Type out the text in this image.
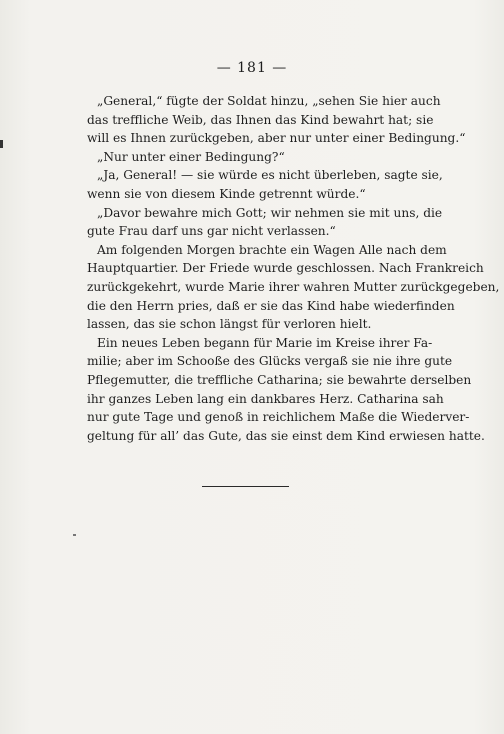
— 181 —
„General,“ fügte der Soldat hinzu, „sehen Sie hier auch
das treffliche Weib, das Ihnen das Kind bewahrt hat; sie
will es Ihnen zurückgeben, aber nur unter einer Bedingung.“
„Nur unter einer Bedingung?“
„Ja, General! — sie würde es nicht überleben, sagte sie,
wenn sie von diesem Kinde getrennt würde.“
„Davor bewahre mich Gott; wir nehmen sie mit uns, die
gute Frau darf uns gar nicht verlassen.“
Am folgenden Morgen brachte ein Wagen Alle nach dem
Hauptquartier. Der Friede wurde geschlossen. Nach Frankreich
zurückgekehrt, wurde Marie ihrer wahren Mutter zurückgegeben,
die den Herrn pries, daß er sie das Kind habe wiederfinden
lassen, das sie schon längst für verloren hielt.
Ein neues Leben begann für Marie im Kreise ihrer Fa-
milie; aber im Schooße des Glücks vergaß sie nie ihre gute
Pflegemutter, die treffliche Catharina; sie bewahrte derselben
ihr ganzes Leben lang ein dankbares Herz. Catharina sah
nur gute Tage und genoß in reichlichem Maße die Wiederver-
geltung für all’ das Gute, das sie einst dem Kind erwiesen hatte.
